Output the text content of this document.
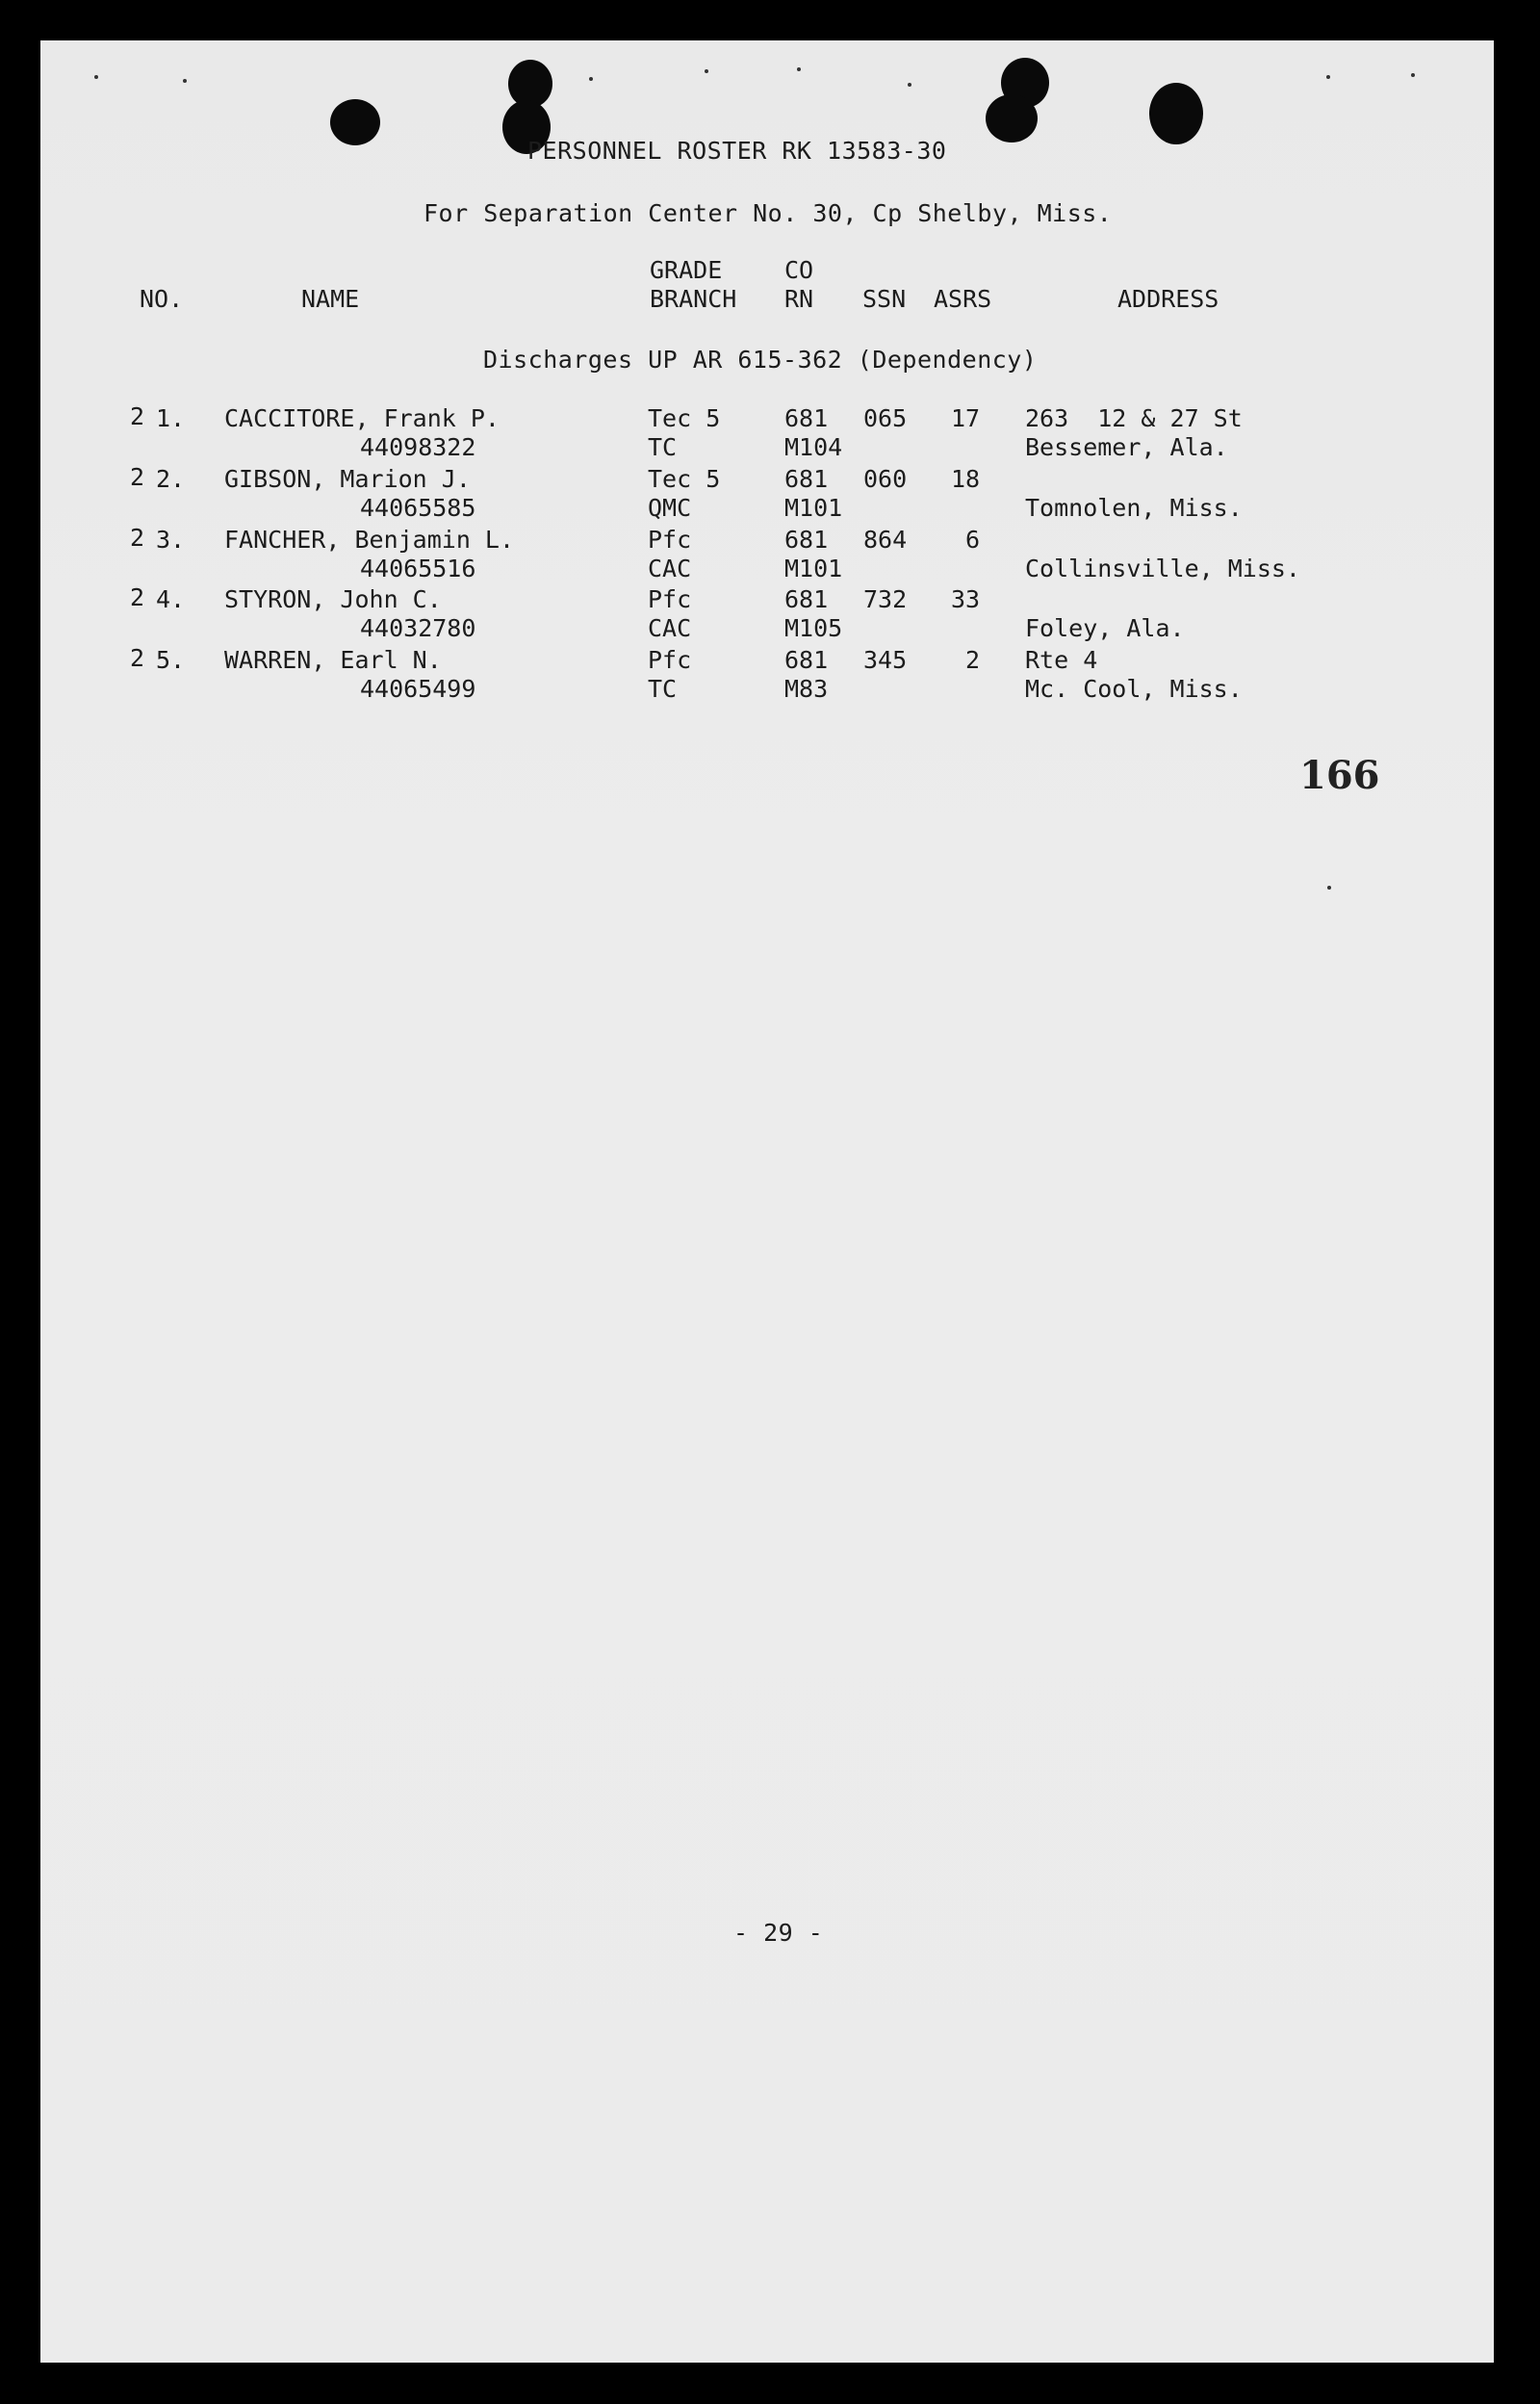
PERSONNEL ROSTER RK 13583-30
For Separation Center No. 30, Cp Shelby, Miss.
NO.	NAME
GRADE
BRANCH
CO
RN SSN ASRS	ADDRESS
Discharges UP AR 615-362 (Dependency)
2 1. CACCITORE, Frank P.
44098322
Tec 5
TC
681
M104
065 17 263  12 & 27 St
Bessemer, Ala.
2 2. GIBSON, Marion J.
44065585
Tec 5
QMC
681
M101
060 18
Tomnolen, Miss.
2 3. FANCHER, Benjamin L.
44065516
Pfc
CAC
681
M101
864 6
Collinsville, Miss.
2 4. STYRON, John C.
44032780
Pfc
CAC
681
M105
732 33
Foley, Ala.
2 5. WARREN, Earl N.
44065499
Pfc
TC
681
M83
345 2 Rte 4
Mc. Cool, Miss.
166
- 29 -
